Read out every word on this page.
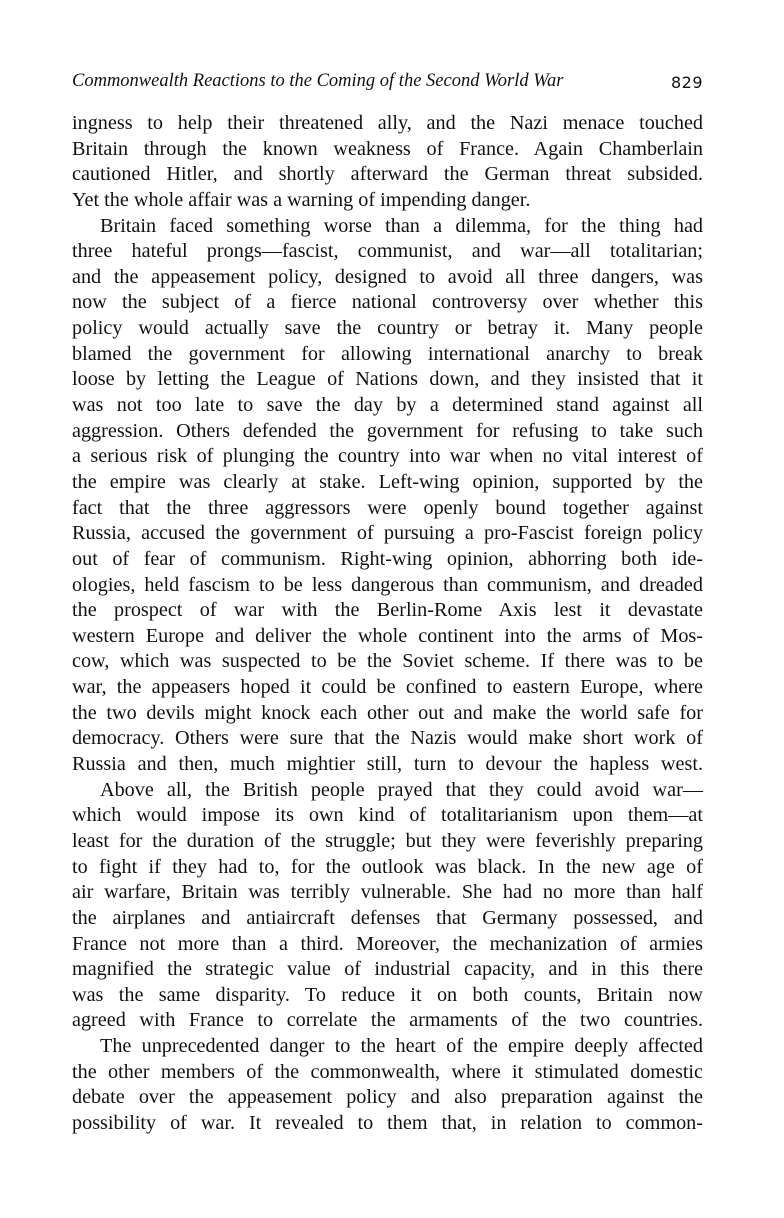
Commonwealth Reactions to the Coming of the Second World War	829
ingness to help their threatened ally, and the Nazi menace touched
Britain through the known weakness of France. Again Chamberlain
cautioned Hitler, and shortly afterward the German threat subsided.
Yet the whole affair was a warning of impending danger.
Britain faced something worse than a dilemma, for the thing had
three hateful prongs—fascist, communist, and war—all totalitarian;
and the appeasement policy, designed to avoid all three dangers, was
now the subject of a fierce national controversy over whether this
policy would actually save the country or betray it. Many people
blamed the government for allowing international anarchy to break
loose by letting the League of Nations down, and they insisted that it
was not too late to save the day by a determined stand against all
aggression. Others defended the government for refusing to take such
a serious risk of plunging the country into war when no vital interest of
the empire was clearly at stake. Left-wing opinion, supported by the
fact that the three aggressors were openly bound together against
Russia, accused the government of pursuing a pro-Fascist foreign policy
out of fear of communism. Right-wing opinion, abhorring both ide-
ologies, held fascism to be less dangerous than communism, and dreaded
the prospect of war with the Berlin-Rome Axis lest it devastate
western Europe and deliver the whole continent into the arms of Mos-
cow, which was suspected to be the Soviet scheme. If there was to be
war, the appeasers hoped it could be confined to eastern Europe, where
the two devils might knock each other out and make the world safe for
democracy. Others were sure that the Nazis would make short work of
Russia and then, much mightier still, turn to devour the hapless west.
Above all, the British people prayed that they could avoid war—
which would impose its own kind of totalitarianism upon them—at
least for the duration of the struggle; but they were feverishly preparing
to fight if they had to, for the outlook was black. In the new age of
air warfare, Britain was terribly vulnerable. She had no more than half
the airplanes and antiaircraft defenses that Germany possessed, and
France not more than a third. Moreover, the mechanization of armies
magnified the strategic value of industrial capacity, and in this there
was the same disparity. To reduce it on both counts, Britain now
agreed with France to correlate the armaments of the two countries.
The unprecedented danger to the heart of the empire deeply affected
the other members of the commonwealth, where it stimulated domestic
debate over the appeasement policy and also preparation against the
possibility of war. It revealed to them that, in relation to common-
